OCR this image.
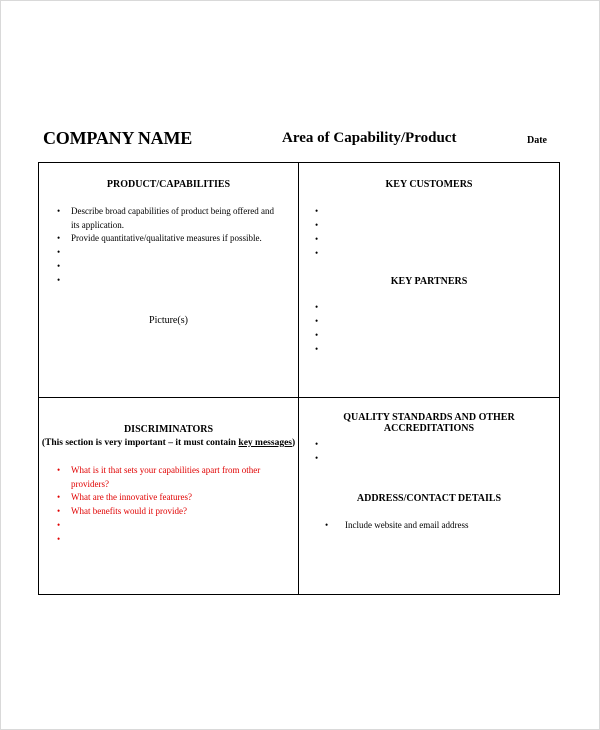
COMPANY NAME	Area of Capability/Product	Date
PRODUCT/CAPABILITIES
• Describe broad capabilities of product being offered and its application.
• Provide quantitative/qualitative measures if possible.
•
•
•
Picture(s)
KEY CUSTOMERS
•
•
•
•
KEY PARTNERS
•
•
•
•
DISCRIMINATORS
(This section is very important – it must contain key messages)
• What is it that sets your capabilities apart from other providers?
• What are the innovative features?
• What benefits would it provide?
•
•
QUALITY STANDARDS AND OTHER ACCREDITATIONS
•
•
ADDRESS/CONTACT DETAILS
• Include website and email address
